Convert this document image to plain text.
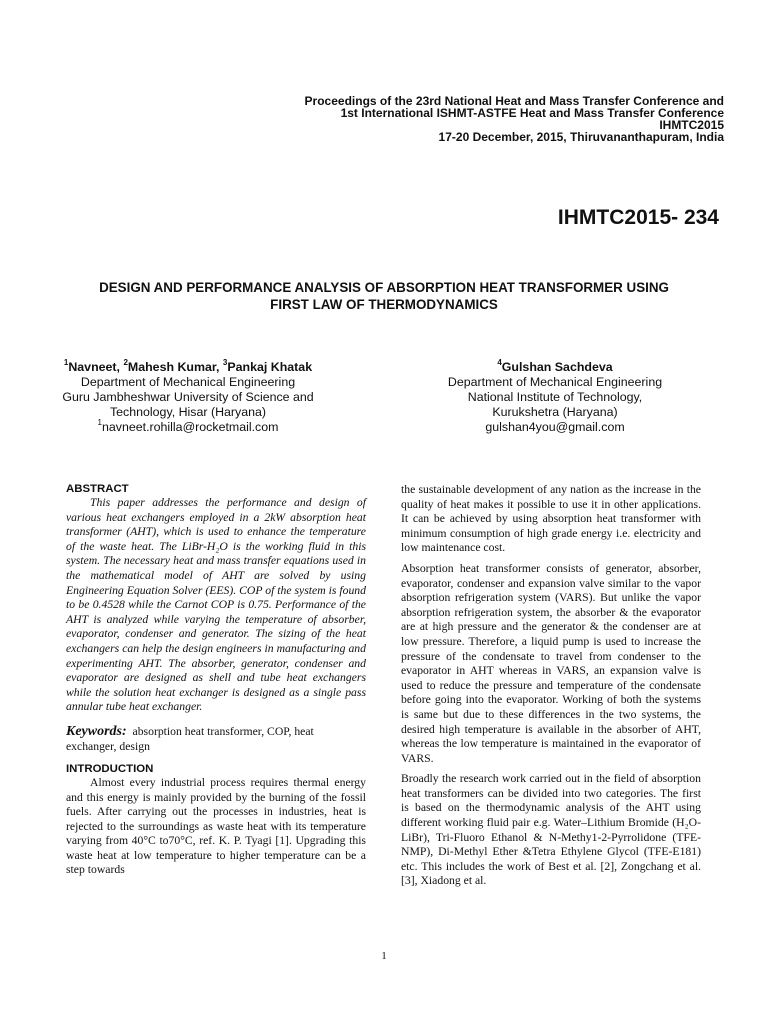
Proceedings of the 23rd National Heat and Mass Transfer Conference and
1st International ISHMT-ASTFE Heat and Mass Transfer Conference
IHMTC2015
17-20 December, 2015, Thiruvananthapuram, India
IHMTC2015- 234
DESIGN AND PERFORMANCE ANALYSIS OF ABSORPTION HEAT TRANSFORMER USING
FIRST LAW OF THERMODYNAMICS
$^1$Navneet, $^2$Mahesh Kumar, $^3$Pankaj Khatak
Department of Mechanical Engineering
Guru Jambheshwar University of Science and
Technology, Hisar (Haryana)
$^1$navneet.rohilla@rocketmail.com
$^4$Gulshan Sachdeva
Department of Mechanical Engineering
National Institute of Technology,
Kurukshetra (Haryana)
gulshan4you@gmail.com
ABSTRACT

This paper addresses the performance and design of various heat exchangers employed in a 2kW absorption heat transformer (AHT), which is used to enhance the temperature of the waste heat. The LiBr-H₂O is the working fluid in this system. The necessary heat and mass transfer equations used in the mathematical model of AHT are solved by using Engineering Equation Solver (EES). COP of the system is found to be 0.4528 while the Carnot COP is 0.75. Performance of the AHT is analyzed while varying the temperature of absorber, evaporator, condenser and generator. The sizing of the heat exchangers can help the design engineers in manufacturing and experimenting AHT. The absorber, generator, condenser and evaporator are designed as shell and tube heat exchangers while the solution heat exchanger is designed as a single pass annular tube heat exchanger.

Keywords: absorption heat transformer, COP, heat exchanger, design

INTRODUCTION

Almost every industrial process requires thermal energy and this energy is mainly provided by the burning of the fossil fuels. After carrying out the processes in industries, heat is rejected to the surroundings as waste heat with its temperature varying from 40°C to70°C, ref. K. P. Tyagi [1]. Upgrading this waste heat at low temperature to higher temperature can be a step towards

the sustainable development of any nation as the increase in the quality of heat makes it possible to use it in other applications. It can be achieved by using absorption heat transformer with minimum consumption of high grade energy i.e. electricity and low maintenance cost.

Absorption heat transformer consists of generator, absorber, evaporator, condenser and expansion valve similar to the vapor absorption refrigeration system (VARS). But unlike the vapor absorption refrigeration system, the absorber & the evaporator are at high pressure and the generator & the condenser are at low pressure. Therefore, a liquid pump is used to increase the pressure of the condensate to travel from condenser to the evaporator in AHT whereas in VARS, an expansion valve is used to reduce the pressure and temperature of the condensate before going into the evaporator. Working of both the systems is same but due to these differences in the two systems, the desired high temperature is available in the absorber of AHT, whereas the low temperature is maintained in the evaporator of VARS.

Broadly the research work carried out in the field of absorption heat transformers can be divided into two categories. The first is based on the thermodynamic analysis of the AHT using different working fluid pair e.g. Water–Lithium Bromide (H₂O-LiBr), Tri-Fluoro Ethanol & N-Methy1-2-Pyrrolidone (TFE-NMP), Di-Methyl Ether &Tetra Ethylene Glycol (TFE-E181) etc. This includes the work of Best et al. [2], Zongchang et al. [3], Xiadong et al.

1
